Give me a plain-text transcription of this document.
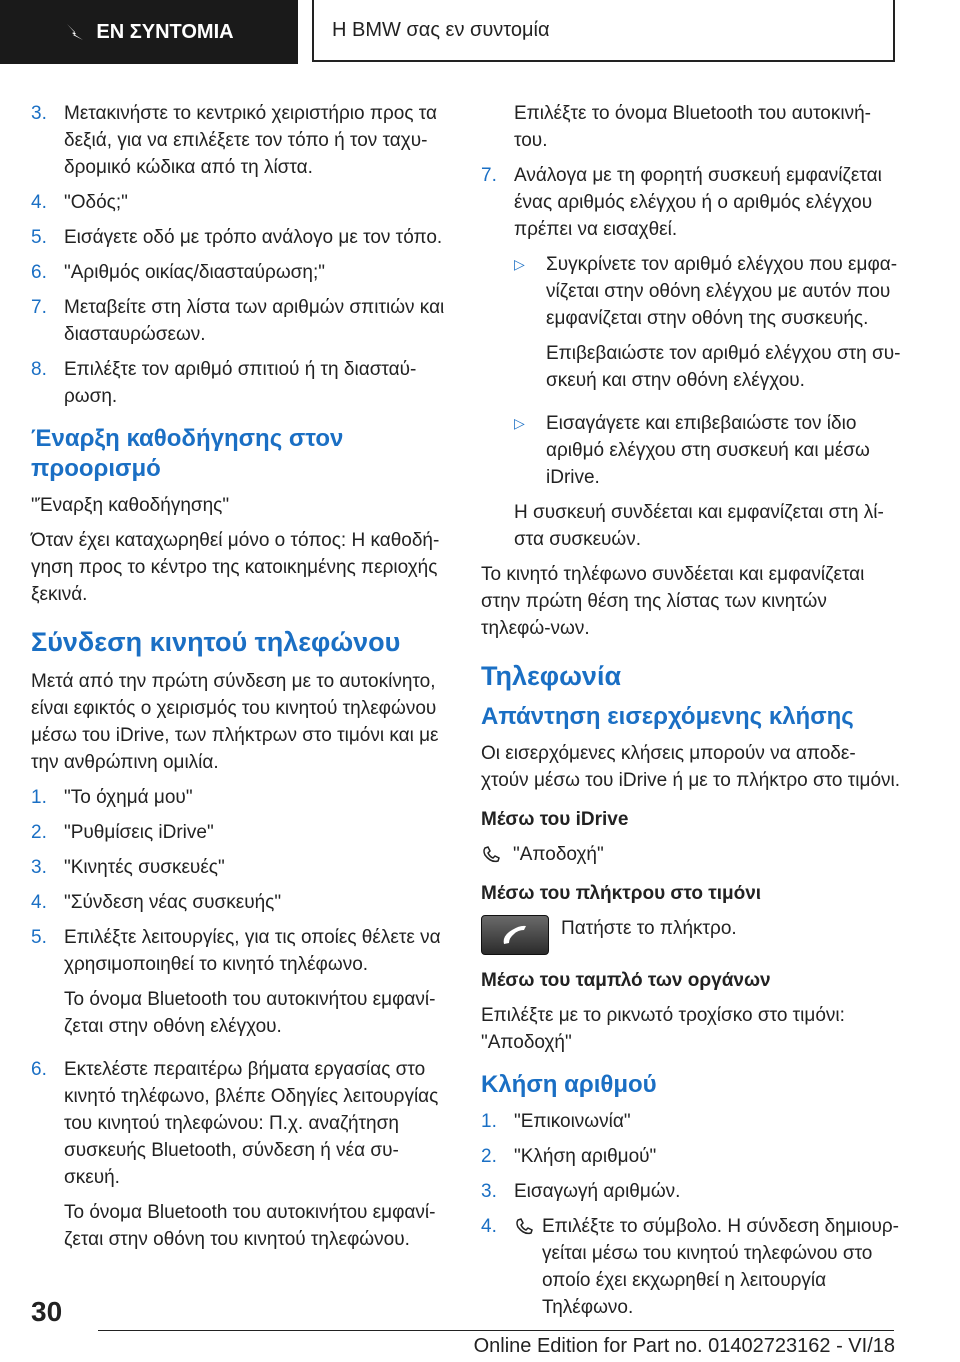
ΕΝ ΣΥΝΤΟΜΙΑ	Η BMW σας εν συντομία
3. Μετακινήστε το κεντρικό χειριστήριο προς τα δεξιά, για να επιλέξετε τον τόπο ή τον ταχυ-δρομικό κώδικα από τη λίστα.
4. "Οδός;"
5. Εισάγετε οδό με τρόπο ανάλογο με τον τόπο.
6. "Αριθμός οικίας/διασταύρωση;"
7. Μεταβείτε στη λίστα των αριθμών σπιτιών και διασταυρώσεων.
8. Επιλέξτε τον αριθμό σπιτιού ή τη διασταύ-ρωση.
Έναρξη καθοδήγησης στον προορισμό
"Έναρξη καθοδήγησης"
Όταν έχει καταχωρηθεί μόνο ο τόπος: Η καθοδή-γηση προς το κέντρο της κατοικημένης περιοχής ξεκινά.
Σύνδεση κινητού τηλεφώνου
Μετά από την πρώτη σύνδεση με το αυτοκίνητο, είναι εφικτός ο χειρισμός του κινητού τηλεφώνου μέσω του iDrive, των πλήκτρων στο τιμόνι και με την ανθρώπινη ομιλία.
1. "Το όχημά μου"
2. "Ρυθμίσεις iDrive"
3. "Κινητές συσκευές"
4. "Σύνδεση νέας συσκευής"
5. Επιλέξτε λειτουργίες, για τις οποίες θέλετε να χρησιμοποιηθεί το κινητό τηλέφωνο.
Το όνομα Bluetooth του αυτοκινήτου εμφανί-ζεται στην οθόνη ελέγχου.
6. Εκτελέστε περαιτέρω βήματα εργασίας στο κινητό τηλέφωνο, βλέπε Οδηγίες λειτουργίας του κινητού τηλεφώνου: Π.χ. αναζήτηση συσκευής Bluetooth, σύνδεση ή νέα συ-σκευή.
Το όνομα Bluetooth του αυτοκινήτου εμφανί-ζεται στην οθόνη του κινητού τηλεφώνου.
Επιλέξτε το όνομα Bluetooth του αυτοκινή-του.
7. Ανάλογα με τη φορητή συσκευή εμφανίζεται ένας αριθμός ελέγχου ή ο αριθμός ελέγχου πρέπει να εισαχθεί.
▷	Συγκρίνετε τον αριθμό ελέγχου που εμφα-νίζεται στην οθόνη ελέγχου με αυτόν που εμφανίζεται στην οθόνη της συσκευής.
Επιβεβαιώστε τον αριθμό ελέγχου στη συ-σκευή και στην οθόνη ελέγχου.
▷	Εισαγάγετε και επιβεβαιώστε τον ίδιο αριθμό ελέγχου στη συσκευή και μέσω iDrive.
Η συσκευή συνδέεται και εμφανίζεται στη λί-στα συσκευών.
Το κινητό τηλέφωνο συνδέεται και εμφανίζεται στην πρώτη θέση της λίστας των κινητών τηλεφώ-νων.
Τηλεφωνία
Απάντηση εισερχόμενης κλήσης
Οι εισερχόμενες κλήσεις μπορούν να αποδε-χτούν μέσω του iDrive ή με το πλήκτρο στο τιμόνι.
Μέσω του iDrive
"Αποδοχή"
Μέσω του πλήκτρου στο τιμόνι
Πατήστε το πλήκτρο.
Μέσω του ταμπλό των οργάνων
Επιλέξτε με το ρικνωτό τροχίσκο στο τιμόνι: "Αποδοχή"
Κλήση αριθμού
1. "Επικοινωνία"
2. "Κλήση αριθμού"
3. Εισαγωγή αριθμών.
4.	Επιλέξτε το σύμβολο. Η σύνδεση δημιουρ-γείται μέσω του κινητού τηλεφώνου στο οποίο έχει εκχωρηθεί η λειτουργία Τηλέφωνο.
30
Online Edition for Part no. 01402723162 - VI/18
